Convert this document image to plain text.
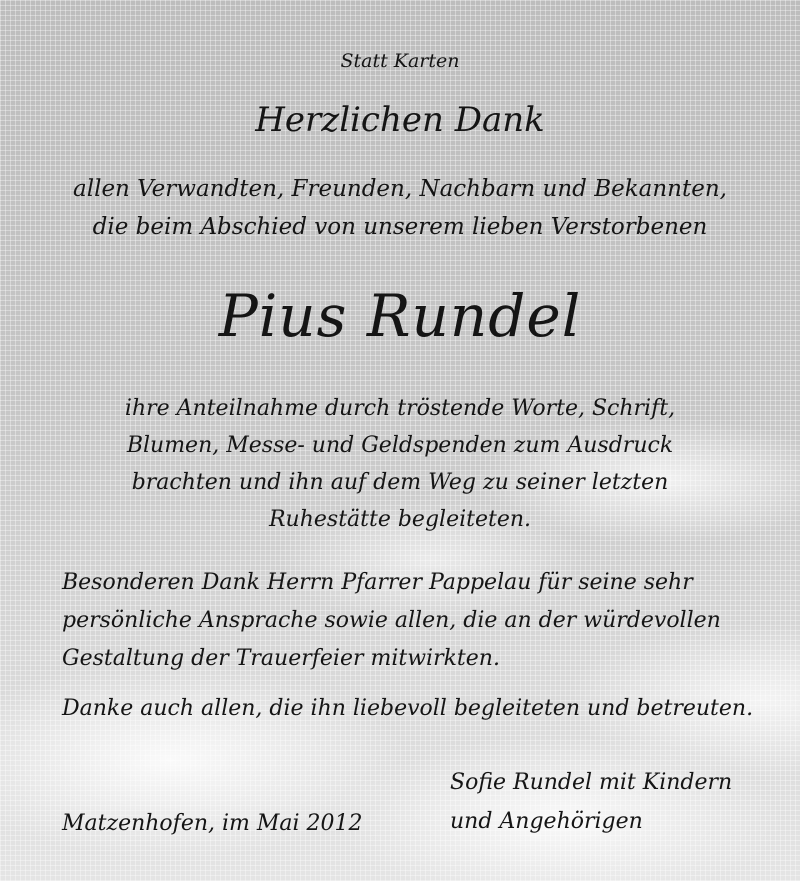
Statt Karten

Herzlichen Dank

allen Verwandten, Freunden, Nachbarn und Bekannten,

die beim Abschied von unserem lieben Verstorbenen

Pius Rundel

ihre Anteilnahme durch tröstende Worte, Schrift,

Blumen, Messe- und Geldspenden zum Ausdruck

brachten und ihn auf dem Weg zu seiner letzten

Ruhestätte begleiteten.

Besonderen Dank Herrn Pfarrer Pappelau für seine sehr

persönliche Ansprache sowie allen, die an der würdevollen

Gestaltung der Trauerfeier mitwirkten.

Danke auch allen, die ihn liebevoll begleiteten und betreuten.

Sofie Rundel mit Kindern

und Angehörigen

Matzenhofen, im Mai 2012
